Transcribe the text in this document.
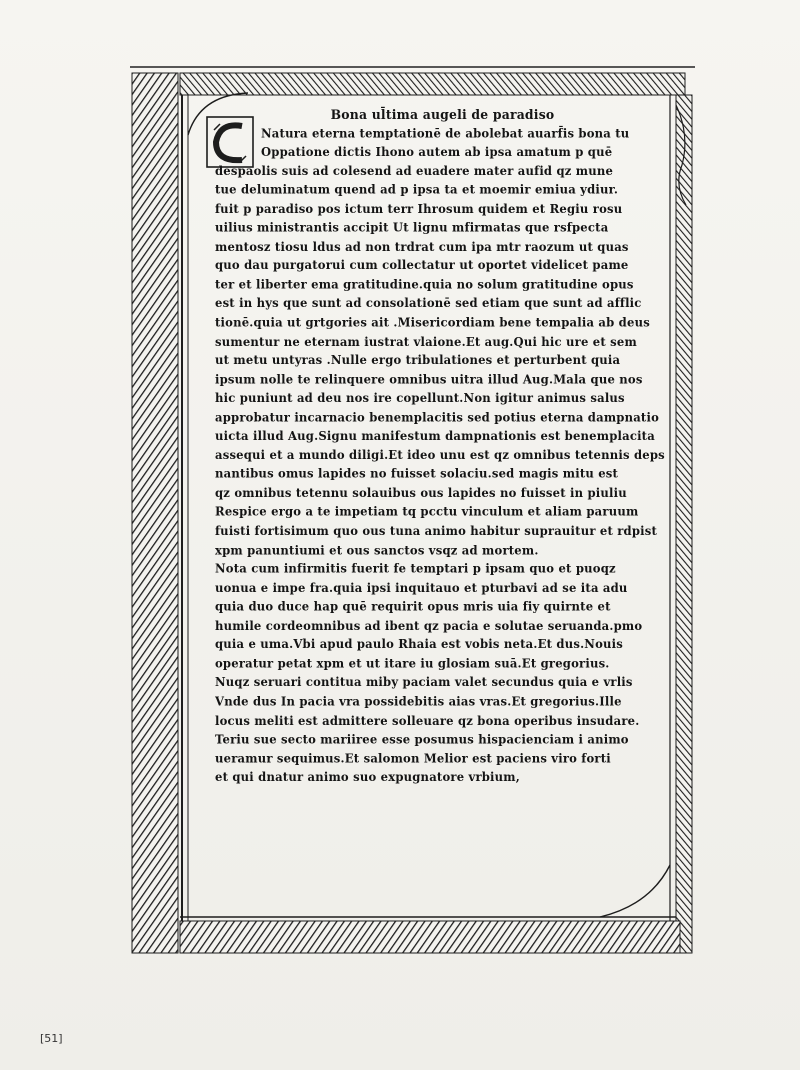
Bona ul̄tima augeli de paradiso
Natura eterna temptationē de abolebat auarf̄is bona tu
Oppatione dictis Ihono autem ab ipsa amatum p quē
despaolis suis ad colesend ad euadere mater aufid qz mune
tue deluminatum quend ad p ipsa ta et moemir emiua ydiur.
fuit p paradiso pos ictum terr Ihrosum quidem et Regiu rosu
uilius ministrantis accipit Ut lignu mfirmatas que rsfpecta
mentosz tiosu ldus ad non trdrat cum ipa mtr raozum ut quas
quo dau purgatorui cum collectatur ut oportet videlicet pame
ter et liberter ema gratitudine.quia no solum gratitudine opus
est in hys que sunt ad consolationē sed etiam que sunt ad afflic
tionē.quia ut grtgories ait .Misericordiam bene tempalia ab deus
sumentur ne eternam iustrat vlaione.Et aug.Qui hic ure et sem
ut metu untyras .Nulle ergo tribulationes et perturbent quia
ipsum nolle te relinquere omnibus uitra illud Aug.Mala que nos
hic puniunt ad deu nos ire copellunt.Non igitur animus salus
approbatur incarnacio benemplacitis sed potius eterna dampnatio
uicta illud Aug.Signu manifestum dampnationis est benemplacita
assequi et a mundo diligi.Et ideo unu est qz omnibus tetennis deps
nantibus omus lapides no fuisset solaciu.sed magis mitu est
qz omnibus tetennu solauibus ous lapides no fuisset in piuliu
Respice ergo a te impetiam tq pcctu vinculum et aliam paruum
fuisti fortisimum quo ous tuna animo habitur suprauitur et rdpist
xpm panuntiumi et ous sanctos vsqz ad mortem.
Nota cum infirmitis fuerit fe temptari p ipsam quo et puoqz
uonua e impe fra.quia ipsi inquitauo et pturbavi ad se ita adu
quia duo duce hap quē requirit opus mris uia fiy quirnte et
humile cordeomnibus ad ibent qz pacia e solutae seruanda.pmo
quia e uma.Vbi apud paulo Rhaia est vobis neta.Et dus.Nouis
operatur petat xpm et ut itare iu glosiam suā.Et gregorius.
Nuqz seruari contitua miby paciam valet secundus quia e vrlis
Vnde dus In pacia vra possidebitis aias vras.Et gregorius.Ille
locus meliti est admittere solleuare qz bona operibus insudare.
Teriu sue secto mariiree esse posumus hispacienciam i animo
ueramur sequimus.Et salomon Melior est paciens viro forti
et qui dnatur animo suo expugnatore vrbium,
[51]
